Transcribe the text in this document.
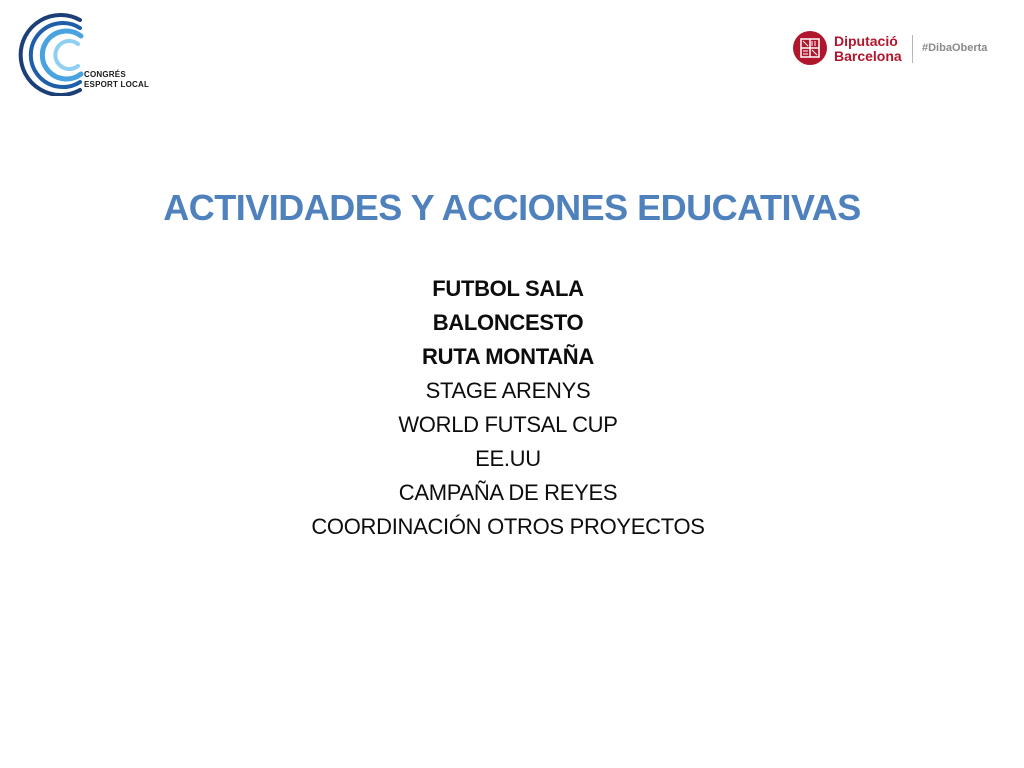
CONGRÉS
ESPORT LOCAL
Diputació
Barcelona #DibaOberta
ACTIVIDADES Y ACCIONES EDUCATIVAS
FUTBOL SALA
BALONCESTO
RUTA MONTAÑA
STAGE ARENYS
WORLD FUTSAL CUP
EE.UU
CAMPAÑA DE REYES
COORDINACIÓN OTROS PROYECTOS
